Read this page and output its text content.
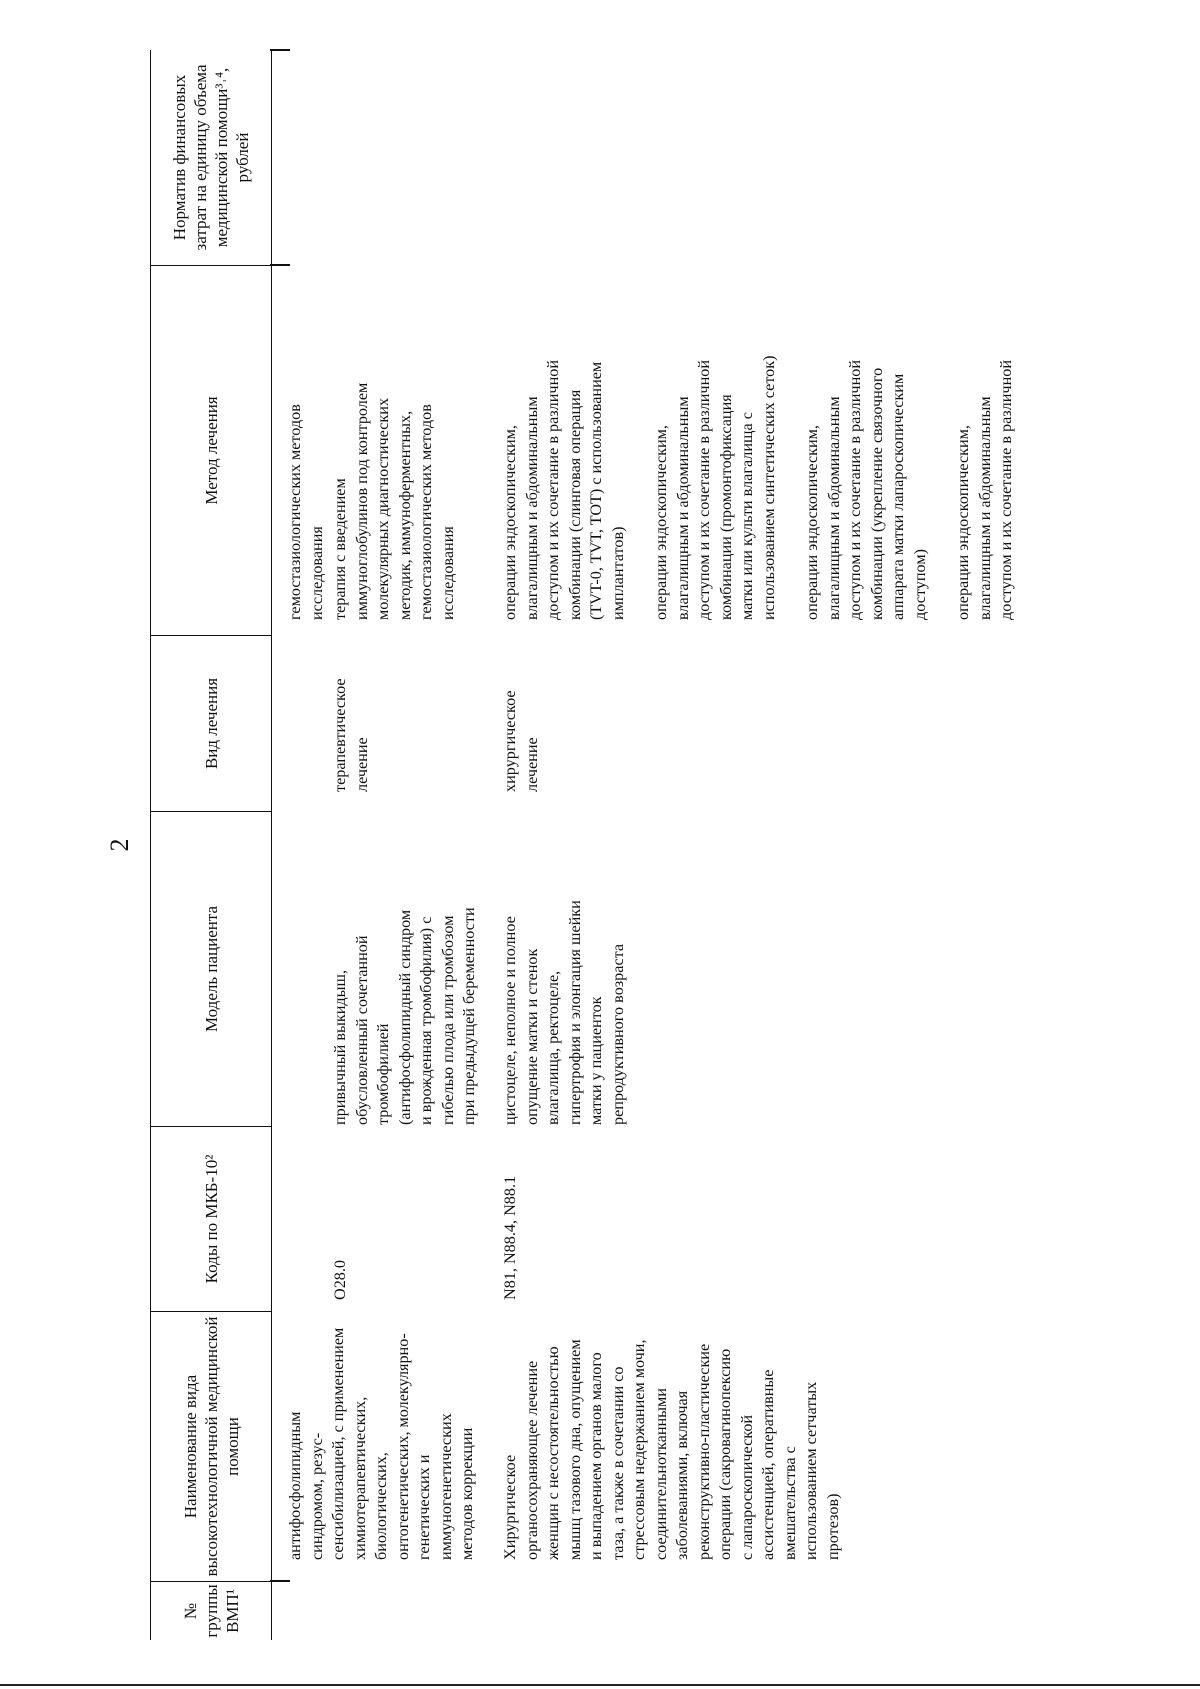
2
№ группы ВМП¹
Наименование вида высокотехнологичной медицинской помощи
Коды по МКБ-10²
Модель пациента
Вид лечения
Метод лечения
Норматив финансовых затрат на единицу объема медицинской помощи³˒⁴, рублей
антифосфолипидным синдромом, резус- сенсибилизацией, с применением химиотерапевтических, биологических, онтогенетических, молекулярно- генетических и иммуногенетических методов коррекции
гемостазиологических методов исследования
O28.0
привычный выкидыш, обусловленный сочетанной тромбофилией (антифосфолипидный синдром и врожденная тромбофилия) с гибелью плода или тромбозом при предыдущей беременности
терапевтическое лечение
терапия с введением иммуноглобулинов под контролем молекулярных диагностических методик, иммуноферментных, гемостазиологических методов исследования
Хирургическое органосохраняющее лечение женщин с несостоятельностью мышц тазового дна, опущением и выпадением органов малого таза, а также в сочетании со стрессовым недержанием мочи, соединительнотканными заболеваниями, включая реконструктивно-пластические операции (сакровагинопексию с лапароскопической ассистенцией, оперативные вмешательства с использованием сетчатых протезов)
N81, N88.4, N88.1
цистоцеле, неполное и полное опущение матки и стенок влагалища, ректоцеле, гипертрофия и элонгация шейки матки у пациенток репродуктивного возраста
хирургическое лечение
операции эндоскопическим, влагалищным и абдоминальным доступом и их сочетание в различной комбинации (слинговая операция (TVT-0, TVT, TOT) с использованием имплантатов) операции эндоскопическим, влагалищным и абдоминальным доступом и их сочетание в различной комбинации (промонтофиксация матки или культи влагалища с использованием синтетических сеток) операции эндоскопическим, влагалищным и абдоминальным доступом и их сочетание в различной комбинации (укрепление связочного аппарата матки лапароскопическим доступом) операции эндоскопическим, влагалищным и абдоминальным доступом и их сочетание в различной
